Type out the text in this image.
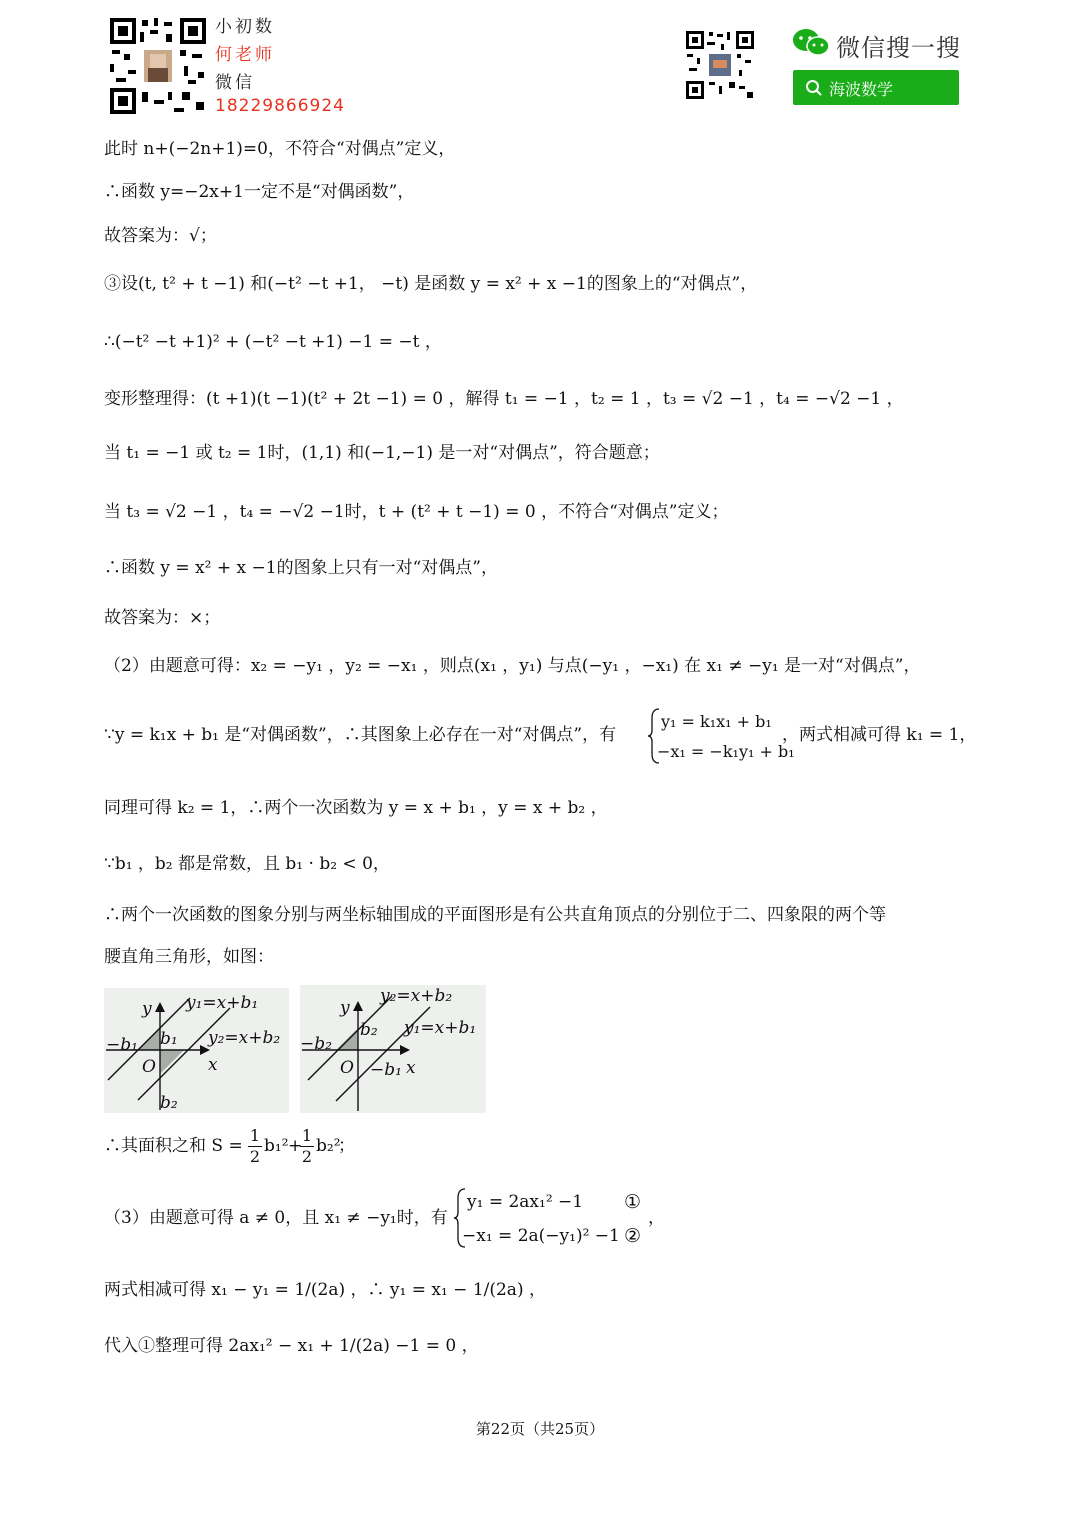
小初数
何老师
微信
18229866924
微信搜一搜
海波数学
此时 n+(−2n+1)=0，不符合“对偶点”定义，
∴函数 y=−2x+1一定不是“对偶函数”，
故答案为：√；
③设(t, t² + t −1) 和(−t² −t +1， −t) 是函数 y = x² + x −1的图象上的“对偶点”，
∴(−t² −t +1)² + (−t² −t +1) −1 = −t ，
变形整理得：(t +1)(t −1)(t² + 2t −1) = 0 ，解得 t₁ = −1 ，t₂ = 1 ，t₃ = √2 −1 ，t₄ = −√2 −1 ，
当 t₁ = −1 或 t₂ = 1时，(1,1) 和(−1,−1) 是一对“对偶点”，符合题意；
当 t₃ = √2 −1 ，t₄ = −√2 −1时，t + (t² + t −1) = 0 ，不符合“对偶点”定义；
∴函数 y = x² + x −1的图象上只有一对“对偶点”，
故答案为：×；
（2）由题意可得：x₂ = −y₁ ，y₂ = −x₁ ，则点(x₁ ，y₁) 与点(−y₁ ，−x₁) 在 x₁ ≠ −y₁ 是一对“对偶点”，
∵y = k₁x + b₁ 是“对偶函数”，∴其图象上必存在一对“对偶点”，有
y₁ = k₁x₁ + b₁
−x₁ = −k₁y₁ + b₁
，两式相减可得 k₁ = 1，
同理可得 k₂ = 1，∴两个一次函数为 y = x + b₁ ，y = x + b₂ ，
∵b₁ ，b₂ 都是常数，且 b₁ · b₂ < 0，
∴两个一次函数的图象分别与两坐标轴围成的平面图形是有公共直角顶点的分别位于二、四象限的两个等
腰直角三角形，如图：
y y₁=x+b₁
b₁
−b₁	y₂=x+b₂
O	x
b₂
y
y₂=x+b₂
b₂
−b₂
y₁=x+b₁
O −b₁ x
∴其面积之和 S =
1
2
b₁² +
1
2
b₂²
；
（3）由题意可得 a ≠ 0，且 x₁ ≠ −y₁时，有
y₁ = 2ax₁² −1
−x₁ = 2a(−y₁)² −1
①
②
，
两式相减可得 x₁ − y₁ = 1/(2a) ，∴ y₁ = x₁ − 1/(2a) ，
代入①整理可得 2ax₁² − x₁ + 1/(2a) −1 = 0 ，
第22页（共25页）
